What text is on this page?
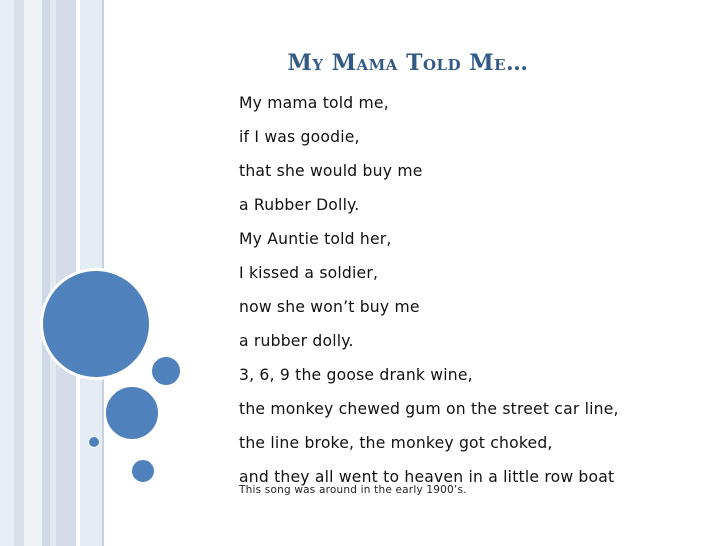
My Mama Told Me…
My mama told me,
if I was goodie,
that she would buy me
a Rubber Dolly.
My Auntie told her,
I kissed a soldier,
now she won’t buy me
a rubber dolly.
3, 6, 9 the goose drank wine,
the monkey chewed gum on the street car line,
the line broke, the monkey got choked,
and they all went to heaven in a little row boat
This song was around in the early 1900’s.
